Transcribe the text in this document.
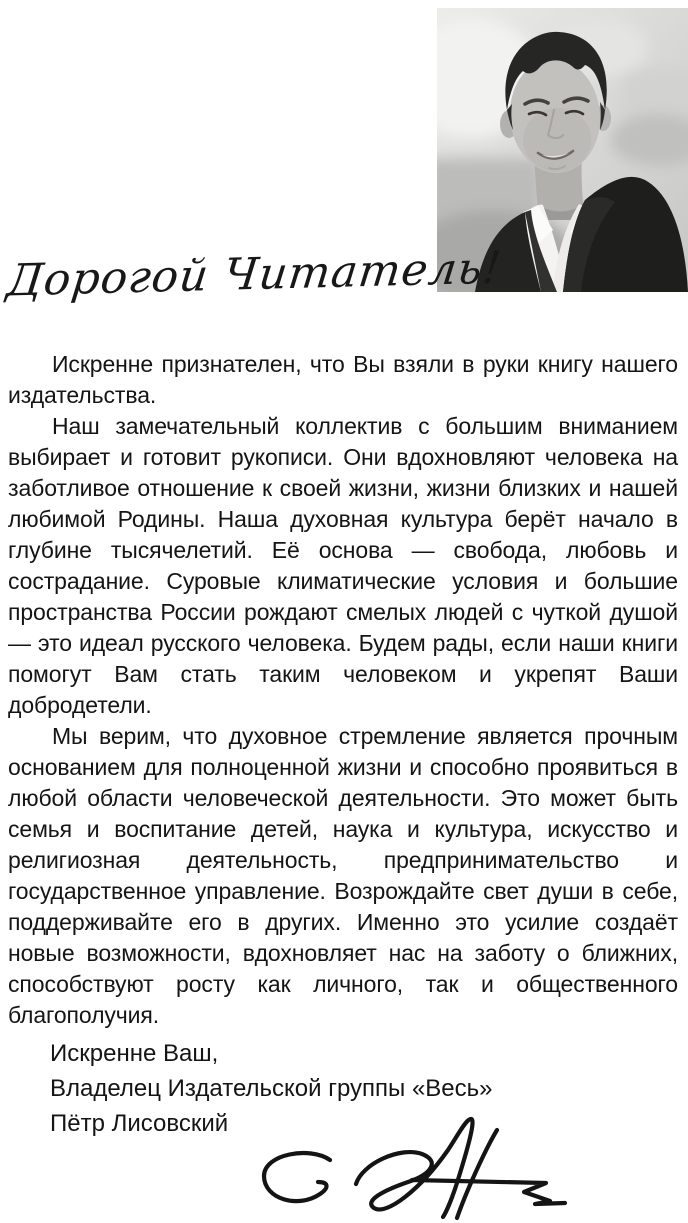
Дорогой Читатель!

Искренне признателен, что Вы взяли в руки книгу нашего издательства.

Наш замечательный коллектив с большим вниманием выбирает и готовит рукописи. Они вдохновляют человека на заботливое отношение к своей жизни, жизни близких и нашей любимой Родины. Наша духовная культура берёт начало в глубине тысячелетий. Её основа — свобода, любовь и сострадание. Суровые климатические условия и большие пространства России рождают смелых людей с чуткой душой — это идеал русского человека. Будем рады, если наши книги помогут Вам стать таким человеком и укрепят Ваши добродетели.

Мы верим, что духовное стремление является прочным основанием для полноценной жизни и способно проявиться в любой области человеческой деятельности. Это может быть семья и воспитание детей, наука и культура, искусство и религиозная деятельность, предпринимательство и государственное управление. Возрождайте свет души в себе, поддерживайте его в других. Именно это усилие создаёт новые возможности, вдохновляет нас на заботу о ближних, способствуют росту как личного, так и общественного благополучия.

Искренне Ваш,
Владелец Издательской группы «Весь»
Пётр Лисовский
